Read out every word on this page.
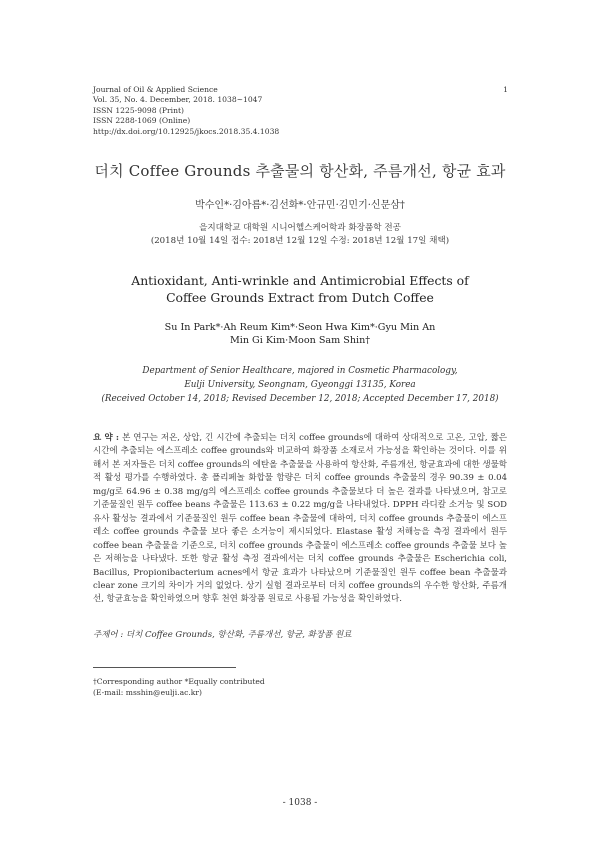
Journal of Oil & Applied Science
Vol. 35, No. 4. December, 2018. 1038~1047
ISSN 1225-9098 (Print)
ISSN 2288-1069 (Online)
http://dx.doi.org/10.12925/jkocs.2018.35.4.1038
1
더치 Coffee Grounds 추출물의 항산화, 주름개선, 항균 효과
박수인*·김아름*·김선화*·안규민·김민기·신문삼†
을지대학교 대학원 시니어헬스케어학과 화장품학 전공
(2018년 10월 14일 접수: 2018년 12월 12일 수정: 2018년 12월 17일 채택)
Antioxidant, Anti-wrinkle and Antimicrobial Effects of
Coffee Grounds Extract from Dutch Coffee
Su In Park*·Ah Reum Kim*·Seon Hwa Kim*·Gyu Min An
Min Gi Kim·Moon Sam Shin†
Department of Senior Healthcare, majored in Cosmetic Pharmacology,
Eulji University, Seongnam, Gyeonggi 13135, Korea
(Received October 14, 2018; Revised December 12, 2018; Accepted December 17, 2018)
요 약 : 본 연구는 저온, 상압, 긴 시간에 추출되는 더치 coffee grounds에 대하여 상대적으로 고온, 고압, 짧은 시간에 추출되는 에스프레소 coffee grounds와 비교하여 화장품 소재로서 가능성을 확인하는 것이다. 이를 위해서 본 저자들은 더치 coffee grounds의 에탄올 추출물을 사용하여 항산화, 주름개선, 항균효과에 대한 생물학적 활성 평가를 수행하였다. 총 폴리페놀 화합물 함량은 더치 coffee grounds 추출물의 경우 90.39 ± 0.04 mg/g로 64.96 ± 0.38 mg/g의 에스프레소 coffee grounds 추출물보다 더 높은 결과를 나타냈으며, 참고로 기준물질인 원두 coffee beans 추출물은 113.63 ± 0.22 mg/g을 나타내었다. DPPH 라디칼 소거능 및 SOD 유사 활성능 결과에서 기준물질인 원두 coffee bean 추출물에 대하여, 더치 coffee grounds 추출물이 에스프레소 coffee grounds 추출물 보다 좋은 소거능이 제시되었다. Elastase 활성 저해능을 측정 결과에서 원두 coffee bean 추출물을 기준으로, 더치 coffee grounds 추출물이 에스프레소 coffee grounds 추출물 보다 높은 저해능을 나타냈다. 또한 항균 활성 측정 결과에서는 더치 coffee grounds 추출물은 Escherichia coli, Bacillus, Propionibacterium acnes에서 항균 효과가 나타났으며 기준물질인 원두 coffee bean 추출물과 clear zone 크기의 차이가 거의 없었다. 상기 실험 결과로부터 더치 coffee grounds의 우수한 항산화, 주름개선, 항균효능을 확인하였으며 향후 천연 화장품 원료로 사용될 가능성을 확인하였다.
주제어 : 더치 Coffee Grounds, 항산화, 주름개선, 항균, 화장품 원료
†Corresponding author *Equally contributed
(E-mail: msshin@eulji.ac.kr)
- 1038 -
